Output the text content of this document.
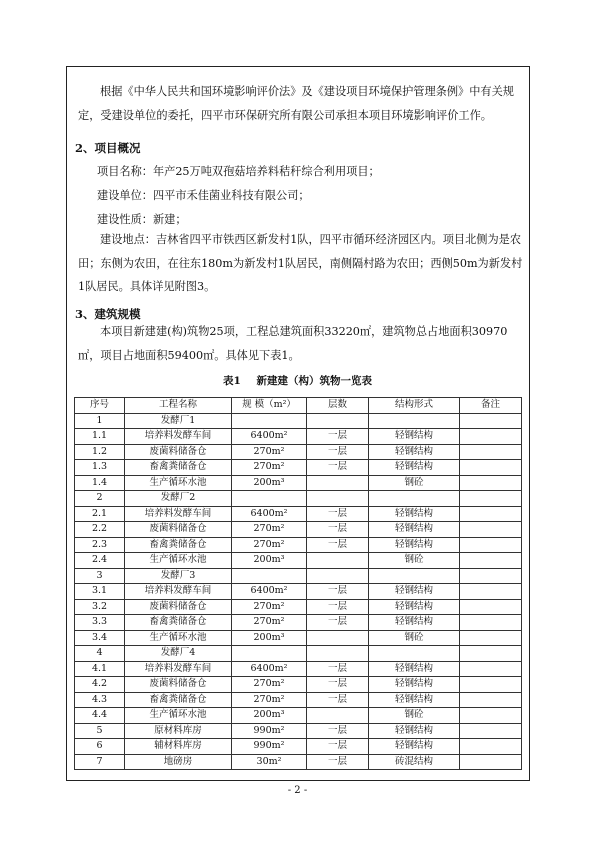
根据《中华人民共和国环境影响评价法》及《建设项目环境保护管理条例》中有关规定，受建设单位的委托，四平市环保研究所有限公司承担本项目环境影响评价工作。
2、项目概况
项目名称：年产25万吨双孢菇培养料秸秆综合利用项目；
建设单位：四平市禾佳菌业科技有限公司；
建设性质：新建；
建设地点：吉林省四平市铁西区新发村1队，四平市循环经济园区内。项目北侧为是农田；东侧为农田，在往东180m为新发村1队居民，南侧隔村路为农田；西侧50m为新发村1队居民。具体详见附图3。
3、建筑规模
本项目新建建(构)筑物25项，工程总建筑面积33220㎡，建筑物总占地面积30970㎡，项目占地面积59400㎡。具体见下表1。
表1 新建建（构）筑物一览表
序号	工程名称	规 模（m²）	层数	结构形式	备注
1	发酵厂1				
1.1	培养料发酵车间	6400m²	一层	轻钢结构	
1.2	废菌料储备仓	270m²	一层	轻钢结构	
1.3	畜禽粪储备仓	270m²	一层	轻钢结构	
1.4	生产循环水池	200m³		钢砼	
2	发酵厂2				
2.1	培养料发酵车间	6400m²	一层	轻钢结构	
2.2	废菌料储备仓	270m²	一层	轻钢结构	
2.3	畜禽粪储备仓	270m²	一层	轻钢结构	
2.4	生产循环水池	200m³		钢砼	
3	发酵厂3				
3.1	培养料发酵车间	6400m²	一层	轻钢结构	
3.2	废菌料储备仓	270m²	一层	轻钢结构	
3.3	畜禽粪储备仓	270m²	一层	轻钢结构	
3.4	生产循环水池	200m³		钢砼	
4	发酵厂4				
4.1	培养料发酵车间	6400m²	一层	轻钢结构	
4.2	废菌料储备仓	270m²	一层	轻钢结构	
4.3	畜禽粪储备仓	270m²	一层	轻钢结构	
4.4	生产循环水池	200m³		钢砼	
5	原材料库房	990m²	一层	轻钢结构	
6	辅材料库房	990m²	一层	轻钢结构	
7	地磅房	30m²	一层	砖混结构	
- 2 -
